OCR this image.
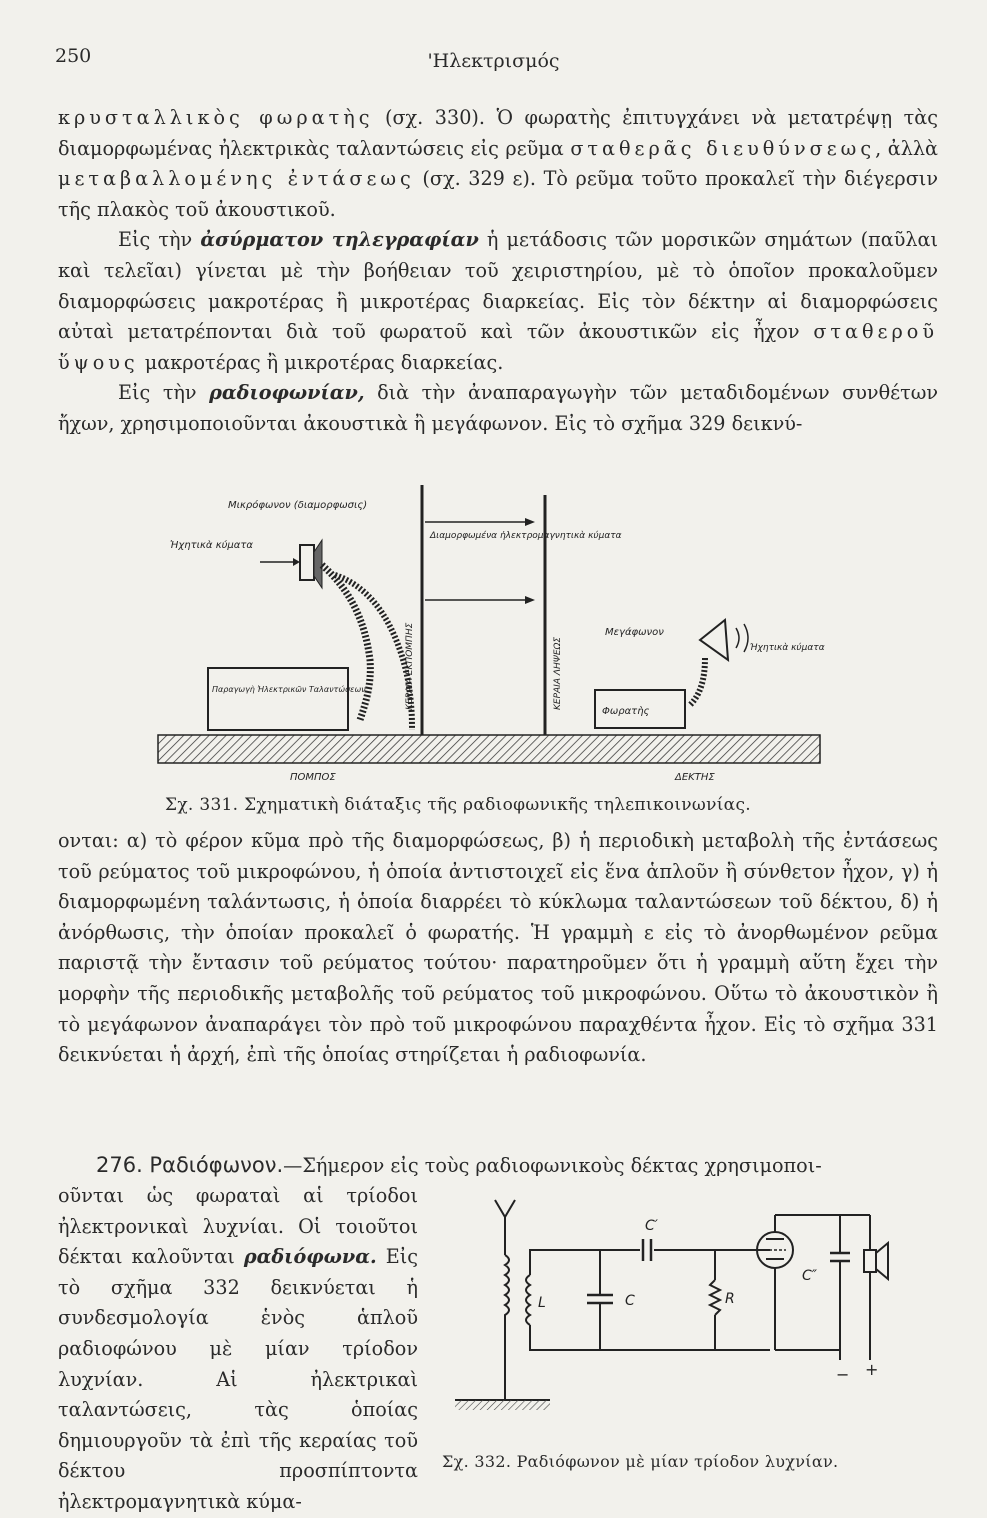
250	'Ηλεκτρισμός

κρυσταλλικὸς φωρατὴς (σχ. 330). Ὁ φωρατὴς ἐπιτυγχάνει νὰ μετατρέψῃ τὰς διαμορφωμένας ἠλεκτρικὰς ταλαντώσεις εἰς ρεῦμα σταθερᾶς διευθύνσεως, ἀλλὰ μεταβαλλομένης ἐντάσεως (σχ. 329 ε). Τὸ ρεῦμα τοῦτο προκαλεῖ τὴν διέγερσιν τῆς πλακὸς τοῦ ἀκουστικοῦ.

Εἰς τὴν ἀσύρματον τηλεγραφίαν ἡ μετάδοσις τῶν μορσικῶν σημάτων (παῦλαι καὶ τελεῖαι) γίνεται μὲ τὴν βοήθειαν τοῦ χειριστηρίου, μὲ τὸ ὁποῖον προκαλοῦμεν διαμορφώσεις μακροτέρας ἢ μικροτέρας διαρκείας. Εἰς τὸν δέκτην αἱ διαμορφώσεις αὐταὶ μετατρέπονται διὰ τοῦ φωρατοῦ καὶ τῶν ἀκουστικῶν εἰς ἦχον σταθεροῦ ὕψους μακροτέρας ἢ μικροτέρας διαρκείας.

Εἰς τὴν ραδιοφωνίαν, διὰ τὴν ἀναπαραγωγὴν τῶν μεταδιδομένων συνθέτων ἤχων, χρησιμοποιοῦνται ἀκουστικὰ ἢ μεγάφωνον. Εἰς τὸ σχῆμα 329 δεικνύ-

Μικρόφωνον (διαμορφωσις)
Ἠχητικὰ κύματα
Διαμορφωμένα ἠλεκτρομαγνητικὰ κύματα
ΚΕΡΑΙΑ ΕΚΠΟΜΠΗΣ	ΚΕΡΑΙΑ ΛΗΨΕΩΣ
Μεγάφωνον
Ἠχητικὰ κύματα
Παραγωγὴ Ἠλεκτρικῶν Ταλαντώσεων
Φωρατὴς
ΠΟΜΠΟΣ	ΔΕΚΤΗΣ
Σχ. 331. Σχηματικὴ διάταξις τῆς ραδιοφωνικῆς τηλεπικοινωνίας.

ονται: α) τὸ φέρον κῦμα πρὸ τῆς διαμορφώσεως, β) ἡ περιοδικὴ μεταβολὴ τῆς ἐντάσεως τοῦ ρεύματος τοῦ μικροφώνου, ἡ ὁποία ἀντιστοιχεῖ εἰς ἕνα ἁπλοῦν ἢ σύνθετον ἦχον, γ) ἡ διαμορφωμένη ταλάντωσις, ἡ ὁποία διαρρέει τὸ κύκλωμα ταλαντώσεων τοῦ δέκτου, δ) ἡ ἀνόρθωσις, τὴν ὁποίαν προκαλεῖ ὁ φωρατής. Ἡ γραμμὴ ε εἰς τὸ ἀνορθωμένον ρεῦμα παριστᾷ τὴν ἔντασιν τοῦ ρεύματος τούτου· παρατηροῦμεν ὅτι ἡ γραμμὴ αὕτη ἔχει τὴν μορφὴν τῆς περιοδικῆς μεταβολῆς τοῦ ρεύματος τοῦ μικροφώνου. Οὕτω τὸ ἀκουστικὸν ἢ τὸ μεγάφωνον ἀναπαράγει τὸν πρὸ τοῦ μικροφώνου παραχθέντα ἦχον. Εἰς τὸ σχῆμα 331 δεικνύεται ἡ ἀρχή, ἐπὶ τῆς ὁποίας στηρίζεται ἡ ραδιοφωνία.

276. Ραδιόφωνον.—Σήμερον εἰς τοὺς ραδιοφωνικοὺς δέκτας χρησιμοποι-

οῦνται ὡς φωραταὶ αἱ τρίοδοι ἠλεκτρονικαὶ λυχνίαι. Οἱ τοιοῦτοι δέκται καλοῦνται ραδιόφωνα. Εἰς τὸ σχῆμα 332 δεικνύεται ἡ συνδεσμολογία ἑνὸς ἁπλοῦ ραδιοφώνου μὲ μίαν τρίοδον λυχνίαν. Αἱ ἠλεκτρικαὶ ταλαντώσεις, τὰς ὁποίας δημιουργοῦν τὰ ἐπὶ τῆς κεραίας τοῦ δέκτου προσπίπτοντα ἠλεκτρομαγνητικὰ κύμα-

L	C
C′
R
C″
− +
Σχ. 332. Ραδιόφωνον μὲ μίαν τρίοδον λυχνίαν.
